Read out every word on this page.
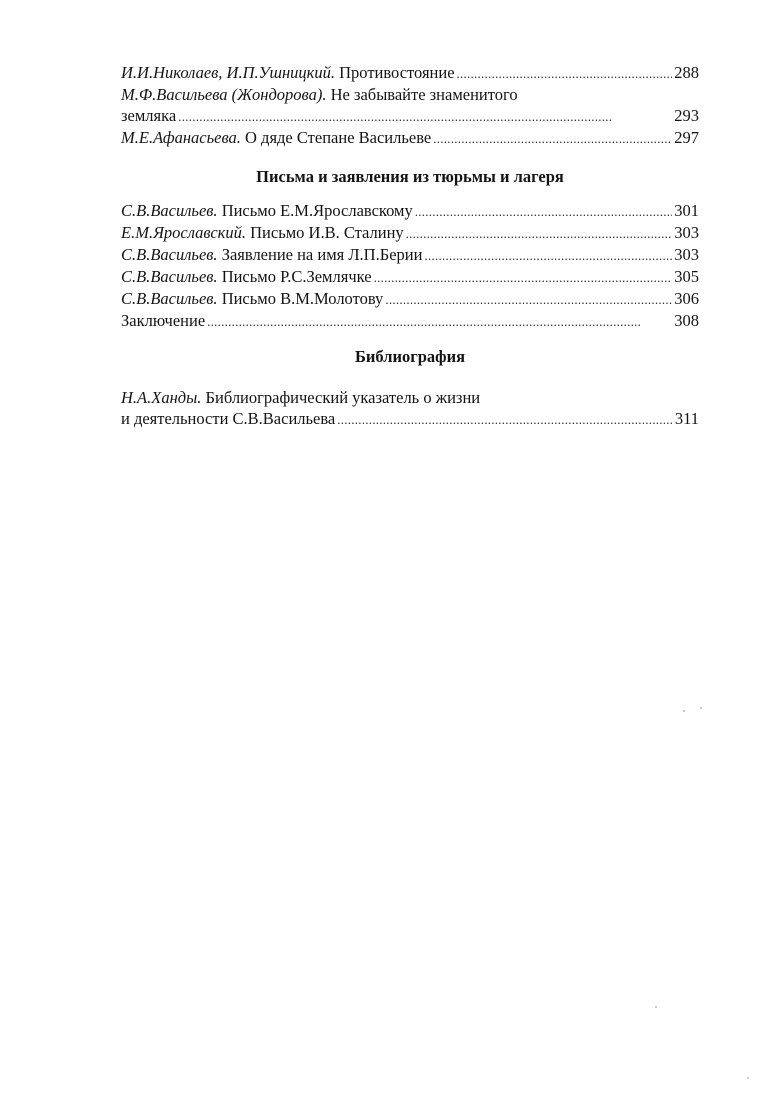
И.И.Николаев, И.П.Ушницкий.
Противостояние . . .	288
М.Ф.Васильева (Жондорова).
Не забывайте знаменитого
земляка . . .	293
М.Е.Афанасьева.
О дяде Степане Васильеве . . .	297
Письма и заявления из тюрьмы и лагеря
С.В.Васильев.
Письмо Е.М.Ярославскому . . .	301
Е.М.Ярославский.
Письмо И.В. Сталину . . .	303
С.В.Васильев.
Заявление на имя Л.П.Берии . . .	303
С.В.Васильев.
Письмо Р.С.Землячке . . .	305
С.В.Васильев.
Письмо В.М.Молотову . . .	306
Заключение . . .	308
Библиография
Н.А.Ханды.
Библиографический указатель о жизни
и деятельности С.В.Васильева . . .	311
